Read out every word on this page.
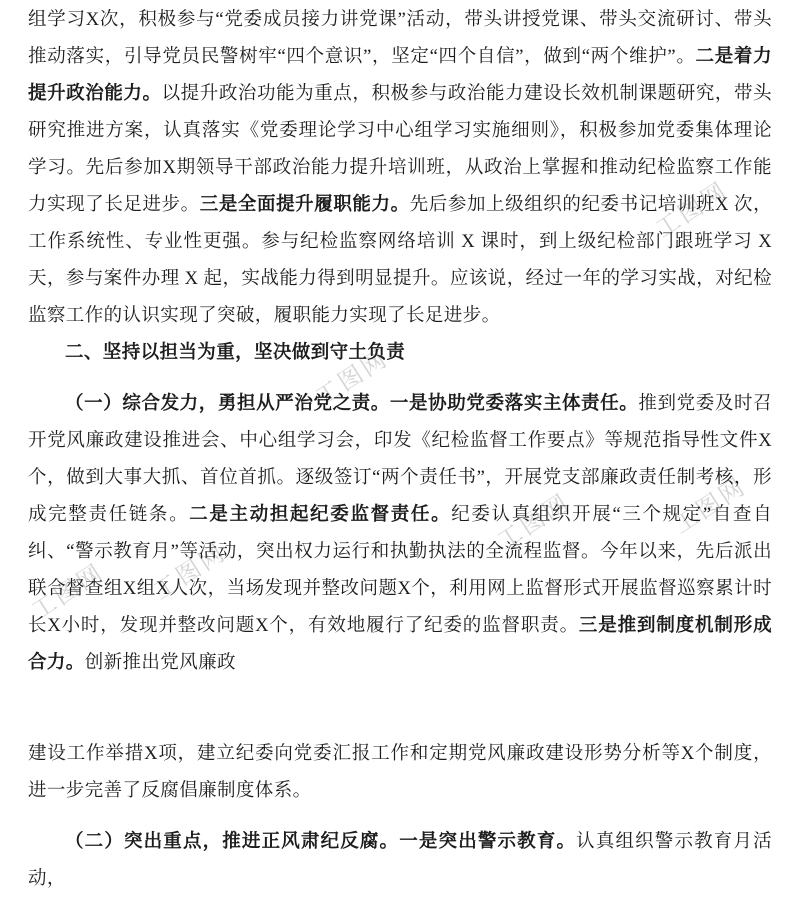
工图网
工图网
工图网
工图网
工图网
工图网

组学习X次，积极参与“党委成员接力讲党课”活动，带头讲授党课、带头交流研讨、带头推动落实，引导党员民警树牢“四个意识”，坚定“四个自信”，做到“两个维护”。二是着力提升政治能力。以提升政治功能为重点，积极参与政治能力建设长效机制课题研究，带头研究推进方案，认真落实《党委理论学习中心组学习实施细则》，积极参加党委集体理论学习。先后参加X期领导干部政治能力提升培训班，从政治上掌握和推动纪检监察工作能力实现了长足进步。三是全面提升履职能力。先后参加上级组织的纪委书记培训班X 次，工作系统性、专业性更强。参与纪检监察网络培训 X 课时，到上级纪检部门跟班学习 X 天，参与案件办理 X 起，实战能力得到明显提升。应该说，经过一年的学习实战，对纪检监察工作的认识实现了突破，履职能力实现了长足进步。

二、坚持以担当为重，坚决做到守土负责

（一）综合发力，勇担从严治党之责。一是协助党委落实主体责任。推到党委及时召开党风廉政建设推进会、中心组学习会，印发《纪检监督工作要点》等规范指导性文件X个，做到大事大抓、首位首抓。逐级签订“两个责任书”，开展党支部廉政责任制考核，形成完整责任链条。二是主动担起纪委监督责任。纪委认真组织开展“三个规定”自查自纠、“警示教育月”等活动，突出权力运行和执勤执法的全流程监督。今年以来，先后派出联合督查组X组X人次，当场发现并整改问题X个，利用网上监督形式开展监督巡察累计时长X小时，发现并整改问题X个，有效地履行了纪委的监督职责。三是推到制度机制形成合力。创新推出党风廉政

建设工作举措X项，建立纪委向党委汇报工作和定期党风廉政建设形势分析等X个制度，进一步完善了反腐倡廉制度体系。

（二）突出重点，推进正风肃纪反腐。一是突出警示教育。认真组织警示教育月活动，
